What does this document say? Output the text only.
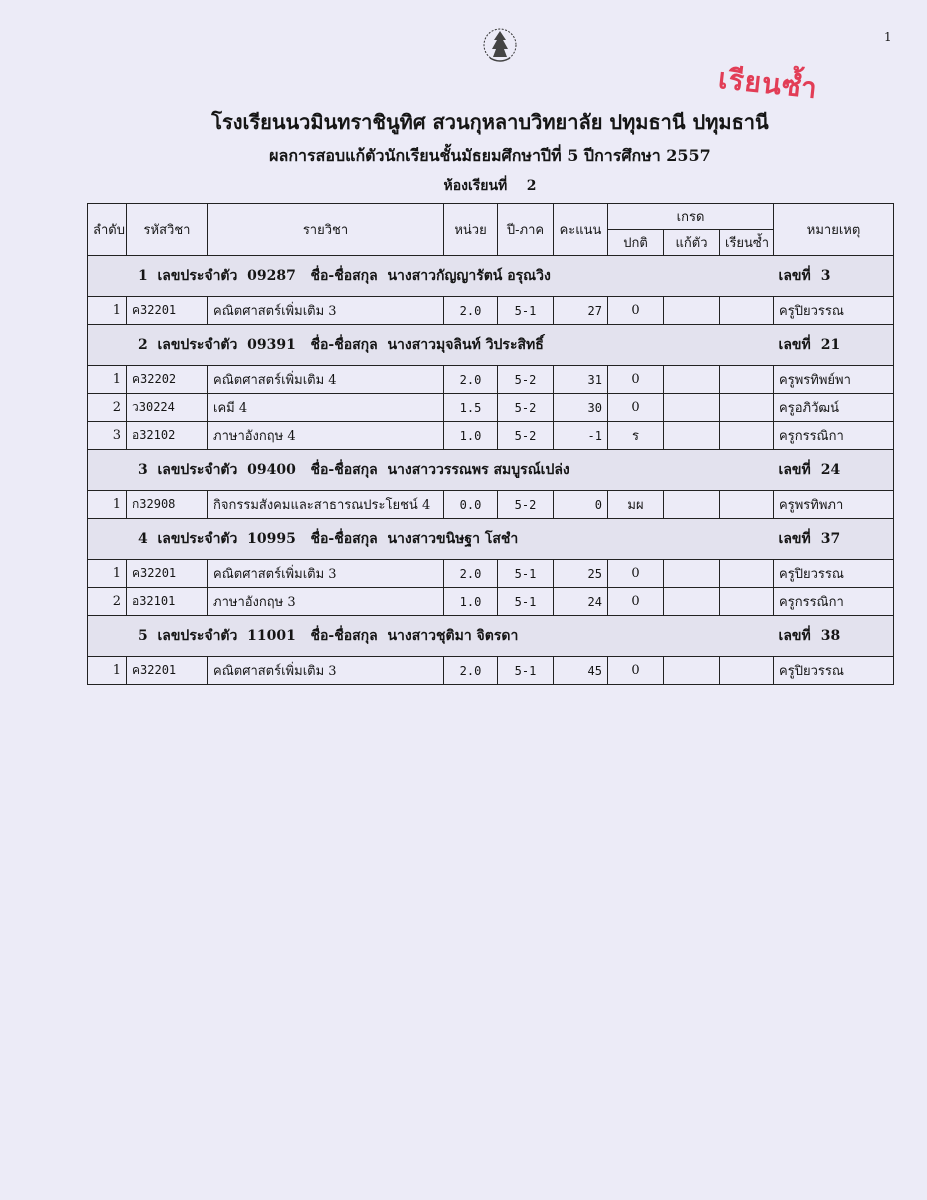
1
เรียนซ้ำ
โรงเรียนนวมินทราชินูทิศ สวนกุหลาบวิทยาลัย ปทุมธานี ปทุมธานี
ผลการสอบแก้ตัวนักเรียนชั้นมัธยมศึกษาปีที่ 5 ปีการศึกษา 2557
ห้องเรียนที่ 2
ลำดับ	รหัสวิชา	รายวิชา	หน่วย	ปี-ภาค	คะแนน	เกรด			หมายเหตุ
						ปกติ	แก้ตัว	เรียนซ้ำ	
1 เลขประจำตัว 09287 ชื่อ-ชื่อสกุล นางสาวกัญญารัตน์ อรุณวิง									เลขที่ 3
1	ค32201	คณิตศาสตร์เพิ่มเติม 3	2.0	5-1	27	0			ครูปิยวรรณ
2 เลขประจำตัว 09391 ชื่อ-ชื่อสกุล นางสาวมุจลินท์ วิประสิทธิ์									เลขที่ 21
1	ค32202	คณิตศาสตร์เพิ่มเติม 4	2.0	5-2	31	0			ครูพรทิพย์พา
2	ว30224	เคมี 4	1.5	5-2	30	0			ครูอภิวัฒน์
3	อ32102	ภาษาอังกฤษ 4	1.0	5-2	-1	ร			ครูกรรณิกา
3 เลขประจำตัว 09400 ชื่อ-ชื่อสกุล นางสาววรรณพร สมบูรณ์เปล่ง									เลขที่ 24
1	ก32908	กิจกรรมสังคมและสาธารณประโยชน์ 4	0.0	5-2	0	มผ			ครูพรทิพภา
4 เลขประจำตัว 10995 ชื่อ-ชื่อสกุล นางสาวขนิษฐา โสชำ									เลขที่ 37
1	ค32201	คณิตศาสตร์เพิ่มเติม 3	2.0	5-1	25	0			ครูปิยวรรณ
2	อ32101	ภาษาอังกฤษ 3	1.0	5-1	24	0			ครูกรรณิกา
5 เลขประจำตัว 11001 ชื่อ-ชื่อสกุล นางสาวชุติมา จิตรดา									เลขที่ 38
1	ค32201	คณิตศาสตร์เพิ่มเติม 3	2.0	5-1	45	0			ครูปิยวรรณ
